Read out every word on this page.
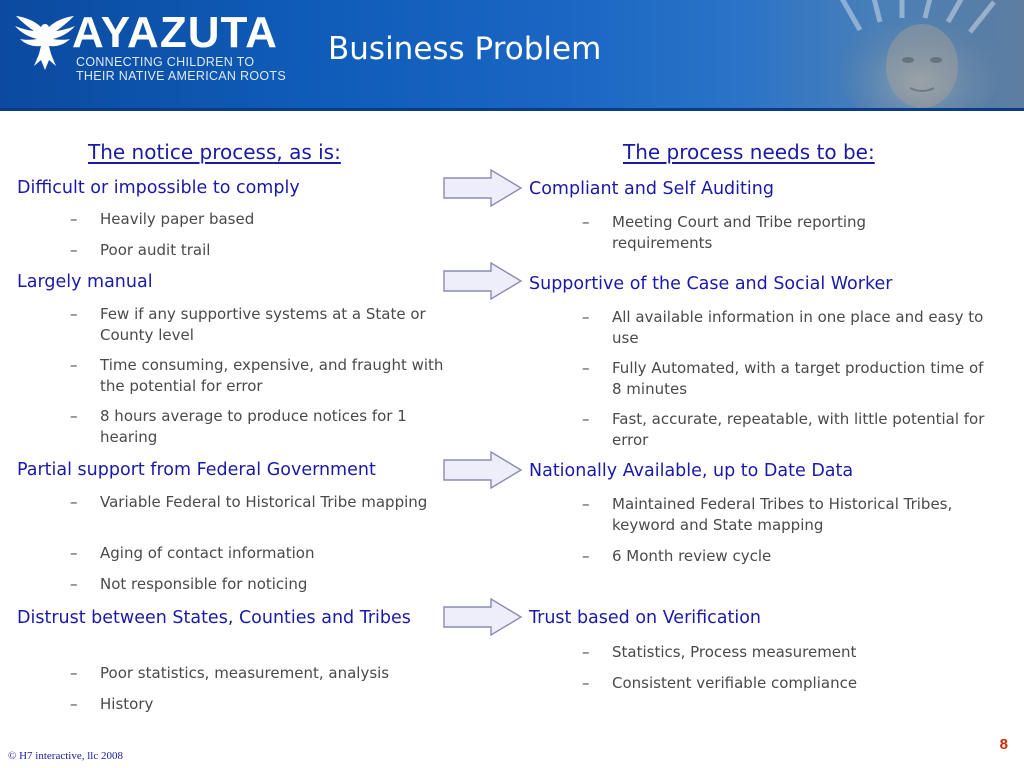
AYAZUTA
CONNECTING CHILDREN TO
THEIR NATIVE AMERICAN ROOTS
Business Problem
The notice process, as is:	The process needs to be:
Difficult or impossible to comply
– Heavily paper based
– Poor audit trail
Largely manual
– Few if any supportive systems at a State or County level
– Time consuming, expensive, and fraught with the potential for error
– 8 hours average to produce notices for 1 hearing
Partial support from Federal Government
– Variable Federal to Historical Tribe mapping
– Aging of contact information
– Not responsible for noticing
Distrust between States, Counties and Tribes
– Poor statistics, measurement, analysis
– History
Compliant and Self Auditing
– Meeting Court and Tribe reporting requirements
Supportive of the Case and Social Worker
– All available information in one place and easy to use
– Fully Automated, with a target production time of 8 minutes
– Fast, accurate, repeatable, with little potential for error
Nationally Available, up to Date Data
– Maintained Federal Tribes to Historical Tribes, keyword and State mapping
– 6 Month review cycle
Trust based on Verification
– Statistics, Process measurement
– Consistent verifiable compliance
© H7 interactive, llc 2008
8
